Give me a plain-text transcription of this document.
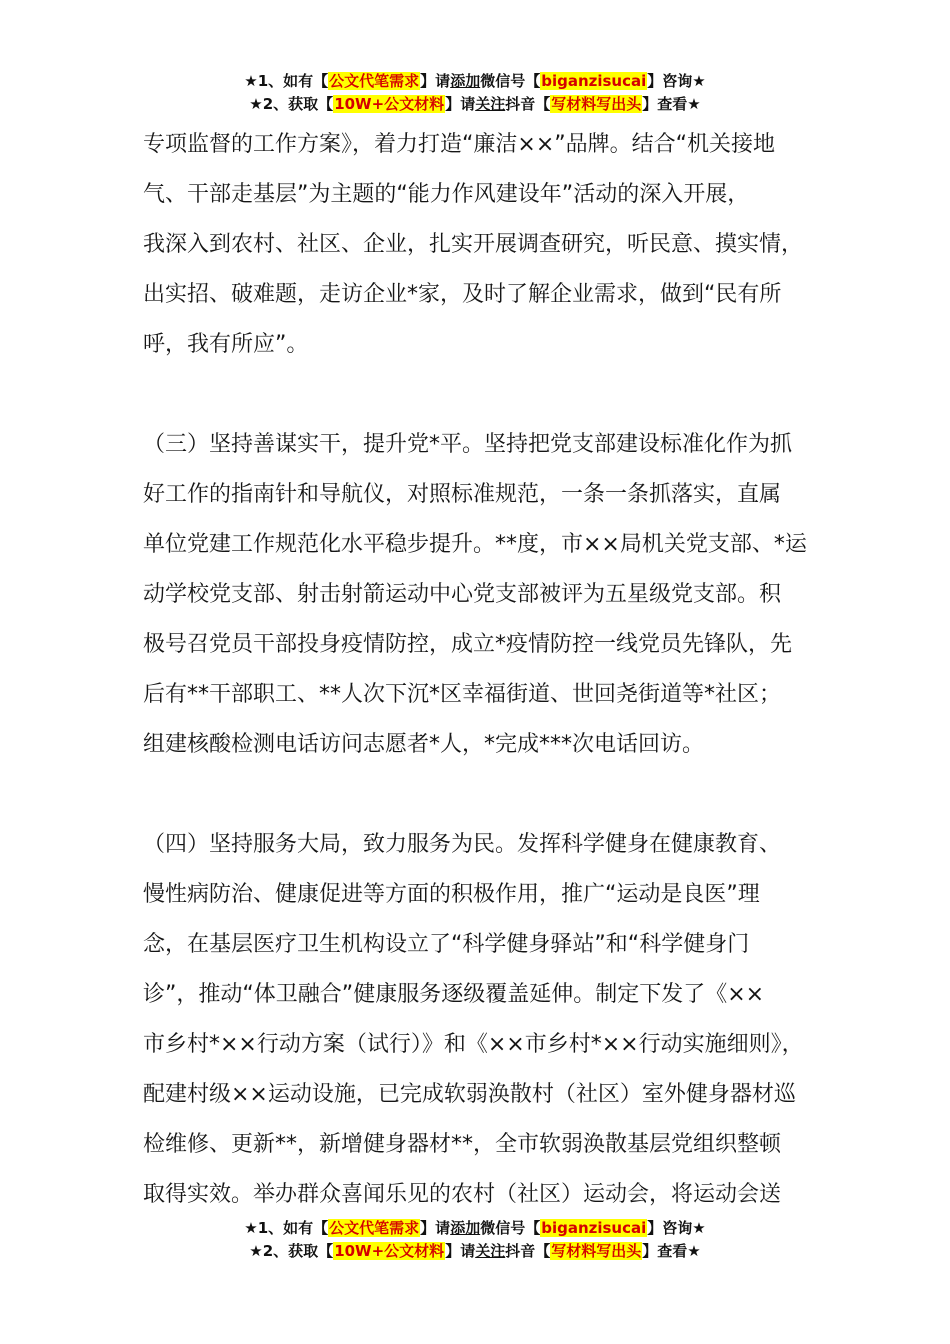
★1、如有【公文代笔需求】请添加微信号【biganzisucai】咨询★
★2、获取【10W+公文材料】请关注抖音【写材料写出头】查看★

专项监督的工作方案》，着力打造“廉洁××”品牌。结合“机关接地

气、干部走基层”为主题的“能力作风建设年”活动的深入开展，

我深入到农村、社区、企业，扎实开展调查研究，听民意、摸实情，

出实招、破难题，走访企业*家，及时了解企业需求，做到“民有所

呼，我有所应”。

（三）坚持善谋实干，提升党*平。坚持把党支部建设标准化作为抓

好工作的指南针和导航仪，对照标准规范，一条一条抓落实，直属

单位党建工作规范化水平稳步提升。**度，市××局机关党支部、*运

动学校党支部、射击射箭运动中心党支部被评为五星级党支部。积

极号召党员干部投身疫情防控，成立*疫情防控一线党员先锋队，先

后有**干部职工、**人次下沉*区幸福街道、世回尧街道等*社区；

组建核酸检测电话访问志愿者*人，*完成***次电话回访。

（四）坚持服务大局，致力服务为民。发挥科学健身在健康教育、

慢性病防治、健康促进等方面的积极作用，推广“运动是良医”理

念，在基层医疗卫生机构设立了“科学健身驿站”和“科学健身门

诊”，推动“体卫融合”健康服务逐级覆盖延伸。制定下发了《××

市乡村*××行动方案（试行）》和《××市乡村*××行动实施细则》，

配建村级××运动设施，已完成软弱涣散村（社区）室外健身器材巡

检维修、更新**，新增健身器材**，全市软弱涣散基层党组织整顿

取得实效。举办群众喜闻乐见的农村（社区）运动会，将运动会送

★1、如有【公文代笔需求】请添加微信号【biganzisucai】咨询★
★2、获取【10W+公文材料】请关注抖音【写材料写出头】查看★
